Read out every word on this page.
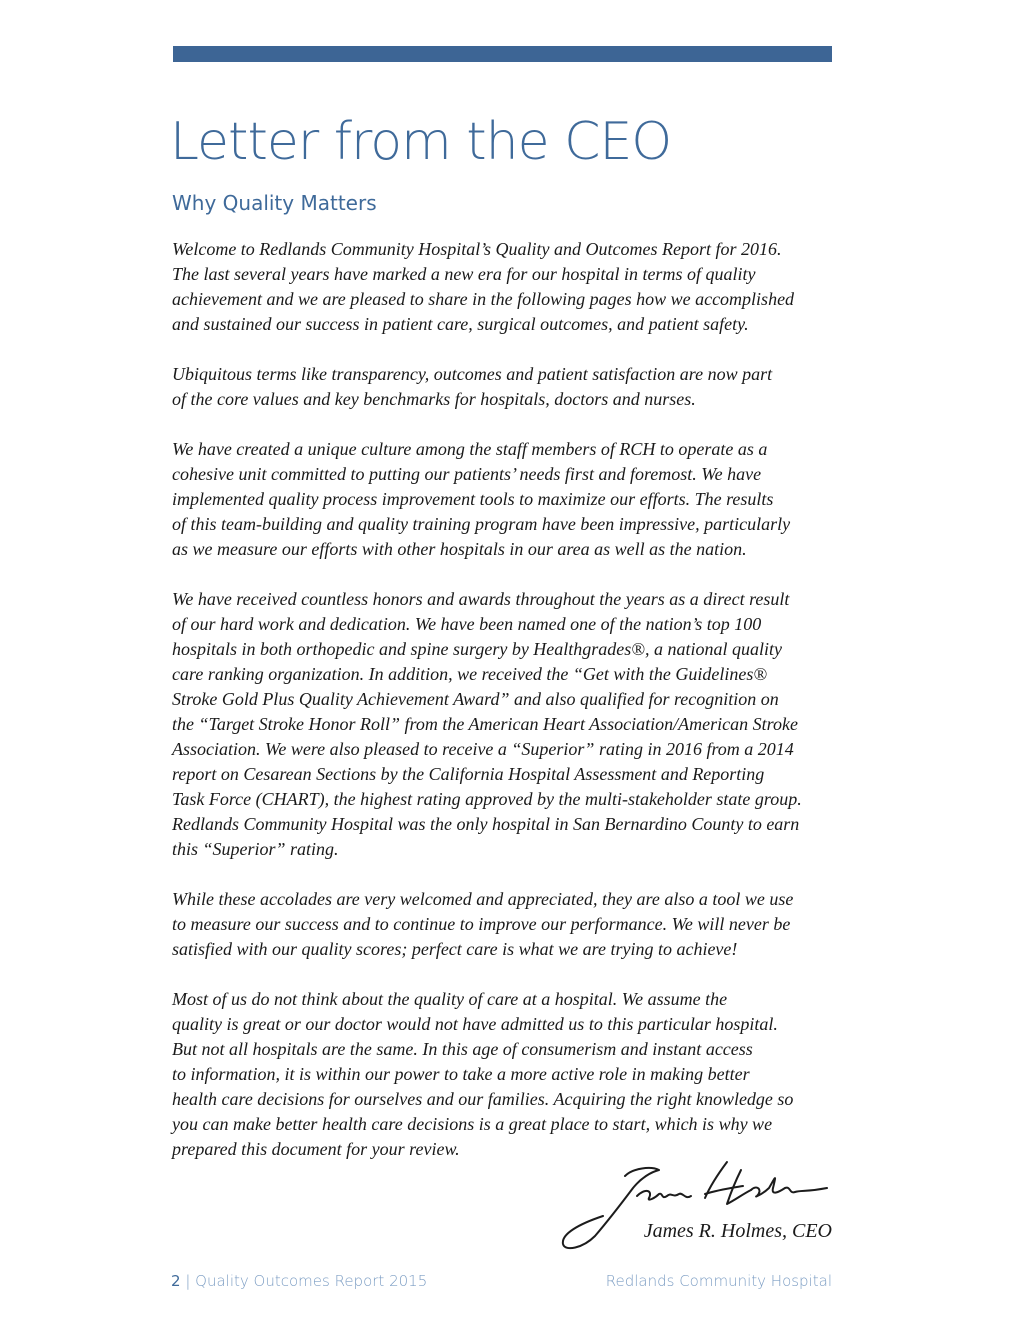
Letter from the CEO
Why Quality Matters

Welcome to Redlands Community Hospital’s Quality and Outcomes Report for 2016.
The last several years have marked a new era for our hospital in terms of quality
achievement and we are pleased to share in the following pages how we accomplished
and sustained our success in patient care, surgical outcomes, and patient safety.

Ubiquitous terms like transparency, outcomes and patient satisfaction are now part
of the core values and key benchmarks for hospitals, doctors and nurses.

We have created a unique culture among the staff members of RCH to operate as a
cohesive unit committed to putting our patients’ needs first and foremost. We have
implemented quality process improvement tools to maximize our efforts. The results
of this team-building and quality training program have been impressive, particularly
as we measure our efforts with other hospitals in our area as well as the nation.

We have received countless honors and awards throughout the years as a direct result
of our hard work and dedication. We have been named one of the nation’s top 100
hospitals in both orthopedic and spine surgery by Healthgrades®, a national quality
care ranking organization. In addition, we received the “Get with the Guidelines®
Stroke Gold Plus Quality Achievement Award” and also qualified for recognition on
the “Target Stroke Honor Roll” from the American Heart Association/American Stroke
Association. We were also pleased to receive a “Superior” rating in 2016 from a 2014
report on Cesarean Sections by the California Hospital Assessment and Reporting
Task Force (CHART), the highest rating approved by the multi-stakeholder state group.
Redlands Community Hospital was the only hospital in San Bernardino County to earn
this “Superior” rating.

While these accolades are very welcomed and appreciated, they are also a tool we use
to measure our success and to continue to improve our performance. We will never be
satisfied with our quality scores; perfect care is what we are trying to achieve!

Most of us do not think about the quality of care at a hospital. We assume the
quality is great or our doctor would not have admitted us to this particular hospital.
But not all hospitals are the same. In this age of consumerism and instant access
to information, it is within our power to take a more active role in making better
health care decisions for ourselves and our families. Acquiring the right knowledge so
you can make better health care decisions is a great place to start, which is why we
prepared this document for your review.	James R. Holmes
James R. Holmes, CEO
2 | Quality Outcomes Report 2015	Redlands Community Hospital
